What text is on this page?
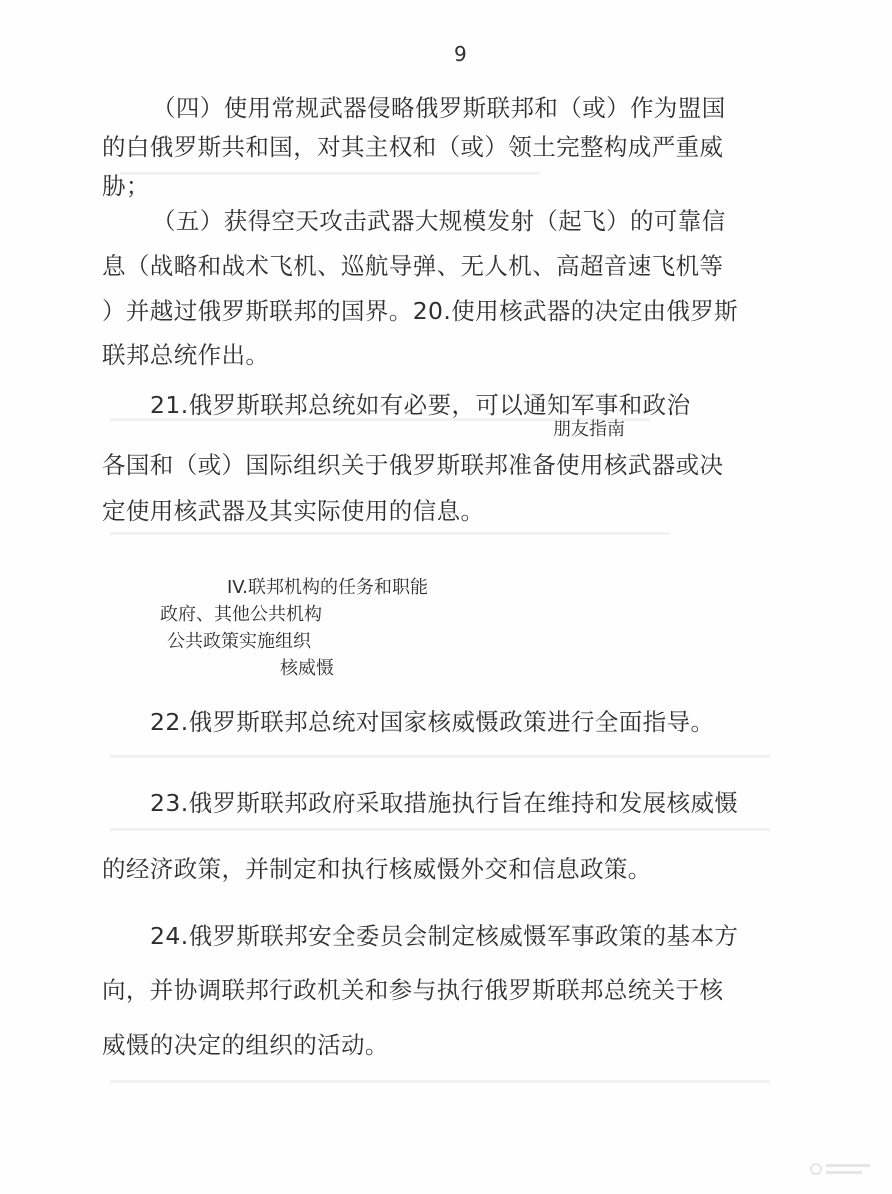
9
（四）使用常规武器侵略俄罗斯联邦和（或）作为盟国
的白俄罗斯共和国，对其主权和（或）领土完整构成严重威
胁；
（五）获得空天攻击武器大规模发射（起飞）的可靠信
息（战略和战术飞机、巡航导弹、无人机、高超音速飞机等
）并越过俄罗斯联邦的国界。20.使用核武器的决定由俄罗斯
联邦总统作出。
21.俄罗斯联邦总统如有必要，可以通知军事和政治
朋友指南
各国和（或）国际组织关于俄罗斯联邦准备使用核武器或决
定使用核武器及其实际使用的信息。
IV.联邦机构的任务和职能
政府、其他公共机构
公共政策实施组织
核威慑
22.俄罗斯联邦总统对国家核威慑政策进行全面指导。
23.俄罗斯联邦政府采取措施执行旨在维持和发展核威慑
的经济政策，并制定和执行核威慑外交和信息政策。
24.俄罗斯联邦安全委员会制定核威慑军事政策的基本方
向，并协调联邦行政机关和参与执行俄罗斯联邦总统关于核
威慑的决定的组织的活动。
